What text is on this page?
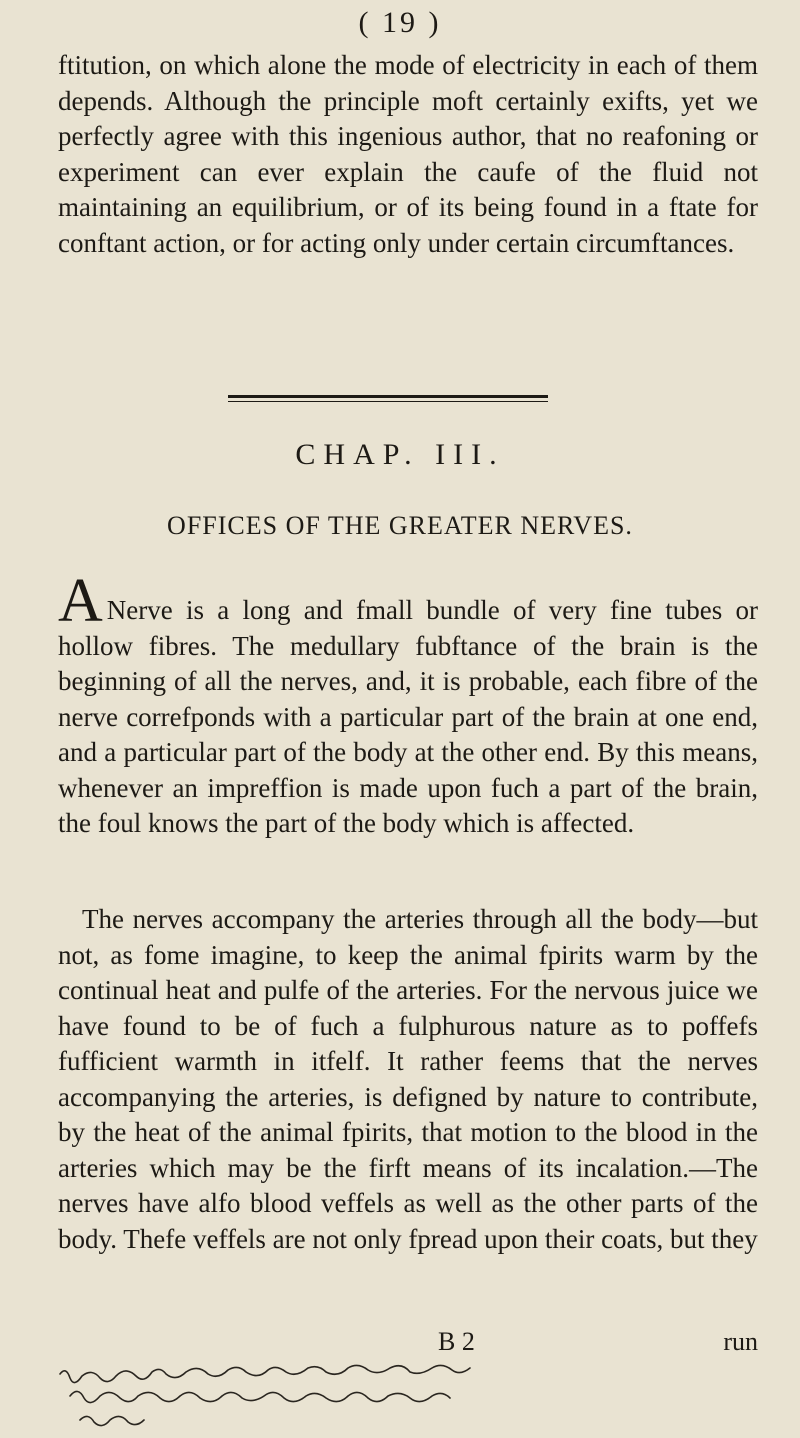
( 19 )

ftitution, on which alone the mode of electricity in each of them depends. Although the principle moft certainly exifts, yet we perfectly agree with this ingenious author, that no reafoning or experiment can ever explain the caufe of the fluid not maintaining an equilibrium, or of its being found in a ftate for conftant action, or for acting only under certain circumftances.

CHAP. III.
OFFICES OF THE GREATER NERVES.

A Nerve is a long and fmall bundle of very fine tubes or hollow fibres. The medullary fubftance of the brain is the beginning of all the nerves, and, it is probable, each fibre of the nerve correfponds with a particular part of the brain at one end, and a particular part of the body at the other end. By this means, whenever an impreffion is made upon fuch a part of the brain, the foul knows the part of the body which is affected.

The nerves accompany the arteries through all the body—but not, as fome imagine, to keep the animal fpirits warm by the continual heat and pulfe of the arteries. For the nervous juice we have found to be of fuch a fulphurous nature as to poffefs fufficient warmth in itfelf. It rather feems that the nerves accompanying the arteries, is defigned by nature to contribute, by the heat of the animal fpirits, that motion to the blood in the arteries which may be the firft means of its incalation.—The nerves have alfo blood veffels as well as the other parts of the body. Thefe veffels are not only fpread upon their coats, but they

B 2	run
